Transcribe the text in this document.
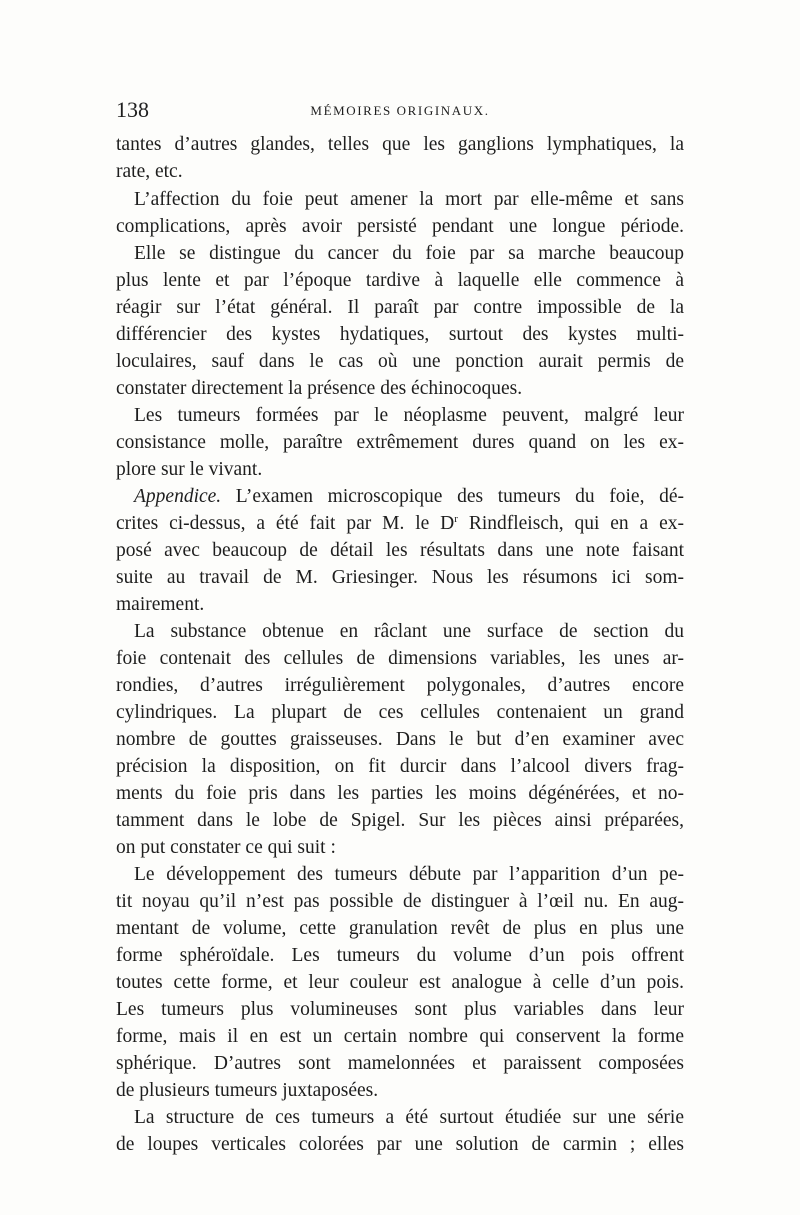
138	MÉMOIRES ORIGINAUX.
tantes d’autres glandes, telles que les ganglions lymphatiques, la
rate, etc.
L’affection du foie peut amener la mort par elle-même et sans
complications, après avoir persisté pendant une longue période.
Elle se distingue du cancer du foie par sa marche beaucoup
plus lente et par l’époque tardive à laquelle elle commence à
réagir sur l’état général. Il paraît par contre impossible de la
différencier des kystes hydatiques, surtout des kystes multi-
loculaires, sauf dans le cas où une ponction aurait permis de
constater directement la présence des échinocoques.
Les tumeurs formées par le néoplasme peuvent, malgré leur
consistance molle, paraître extrêmement dures quand on les ex-
plore sur le vivant.
Appendice. L’examen microscopique des tumeurs du foie, dé-
crites ci-dessus, a été fait par M. le $D^r$ Rindfleisch, qui en a ex-
posé avec beaucoup de détail les résultats dans une note faisant
suite au travail de M. Griesinger. Nous les résumons ici som-
mairement.
La substance obtenue en râclant une surface de section du
foie contenait des cellules de dimensions variables, les unes ar-
rondies, d’autres irrégulièrement polygonales, d’autres encore
cylindriques. La plupart de ces cellules contenaient un grand
nombre de gouttes graisseuses. Dans le but d’en examiner avec
précision la disposition, on fit durcir dans l’alcool divers frag-
ments du foie pris dans les parties les moins dégénérées, et no-
tamment dans le lobe de Spigel. Sur les pièces ainsi préparées,
on put constater ce qui suit :
Le développement des tumeurs débute par l’apparition d’un pe-
tit noyau qu’il n’est pas possible de distinguer à l’œil nu. En aug-
mentant de volume, cette granulation revêt de plus en plus une
forme sphéroïdale. Les tumeurs du volume d’un pois offrent
toutes cette forme, et leur couleur est analogue à celle d’un pois.
Les tumeurs plus volumineuses sont plus variables dans leur
forme, mais il en est un certain nombre qui conservent la forme
sphérique. D’autres sont mamelonnées et paraissent composées
de plusieurs tumeurs juxtaposées.
La structure de ces tumeurs a été surtout étudiée sur une série
de loupes verticales colorées par une solution de carmin ; elles
